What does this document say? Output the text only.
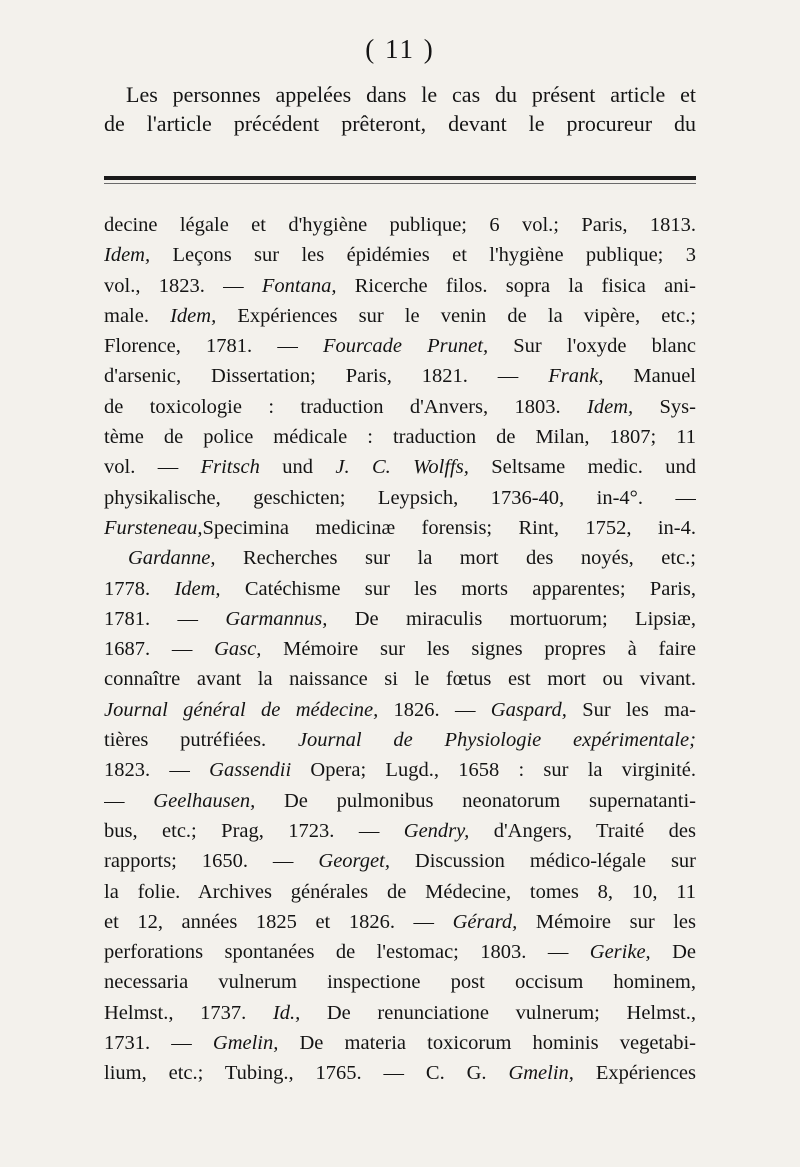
( 11 )
Les personnes appelées dans le cas du présent article et
de l'article précédent prêteront, devant le procureur du
decine légale et d'hygiène publique; 6 vol.; Paris, 1813.
Idem, Leçons sur les épidémies et l'hygiène publique; 3
vol., 1823. — Fontana, Ricerche filos. sopra la fisica ani-
male. Idem, Expériences sur le venin de la vipère, etc.;
Florence, 1781. — Fourcade Prunet, Sur l'oxyde blanc
d'arsenic, Dissertation; Paris, 1821. — Frank, Manuel
de toxicologie : traduction d'Anvers, 1803. Idem, Sys-
tème de police médicale : traduction de Milan, 1807; 11
vol. — Fritsch und J. C. Wolffs, Seltsame medic. und
physikalische, geschicten; Leypsich, 1736-40, in-4°. —
Fursteneau,Specimina medicinæ forensis; Rint, 1752, in-4.
Gardanne, Recherches sur la mort des noyés, etc.;
1778. Idem, Catéchisme sur les morts apparentes; Paris,
1781. — Garmannus, De miraculis mortuorum; Lipsiæ,
1687. — Gasc, Mémoire sur les signes propres à faire
connaître avant la naissance si le fœtus est mort ou vivant.
Journal général de médecine, 1826. — Gaspard, Sur les ma-
tières putréfiées. Journal de Physiologie expérimentale;
1823. — Gassendii Opera; Lugd., 1658 : sur la virginité.
— Geelhausen, De pulmonibus neonatorum supernatanti-
bus, etc.; Prag, 1723. — Gendry, d'Angers, Traité des
rapports; 1650. — Georget, Discussion médico-légale sur
la folie. Archives générales de Médecine, tomes 8, 10, 11
et 12, années 1825 et 1826. — Gérard, Mémoire sur les
perforations spontanées de l'estomac; 1803. — Gerike, De
necessaria vulnerum inspectione post occisum hominem,
Helmst., 1737. Id., De renunciatione vulnerum; Helmst.,
1731. — Gmelin, De materia toxicorum hominis vegetabi-
lium, etc.; Tubing., 1765. — C. G. Gmelin, Expériences
